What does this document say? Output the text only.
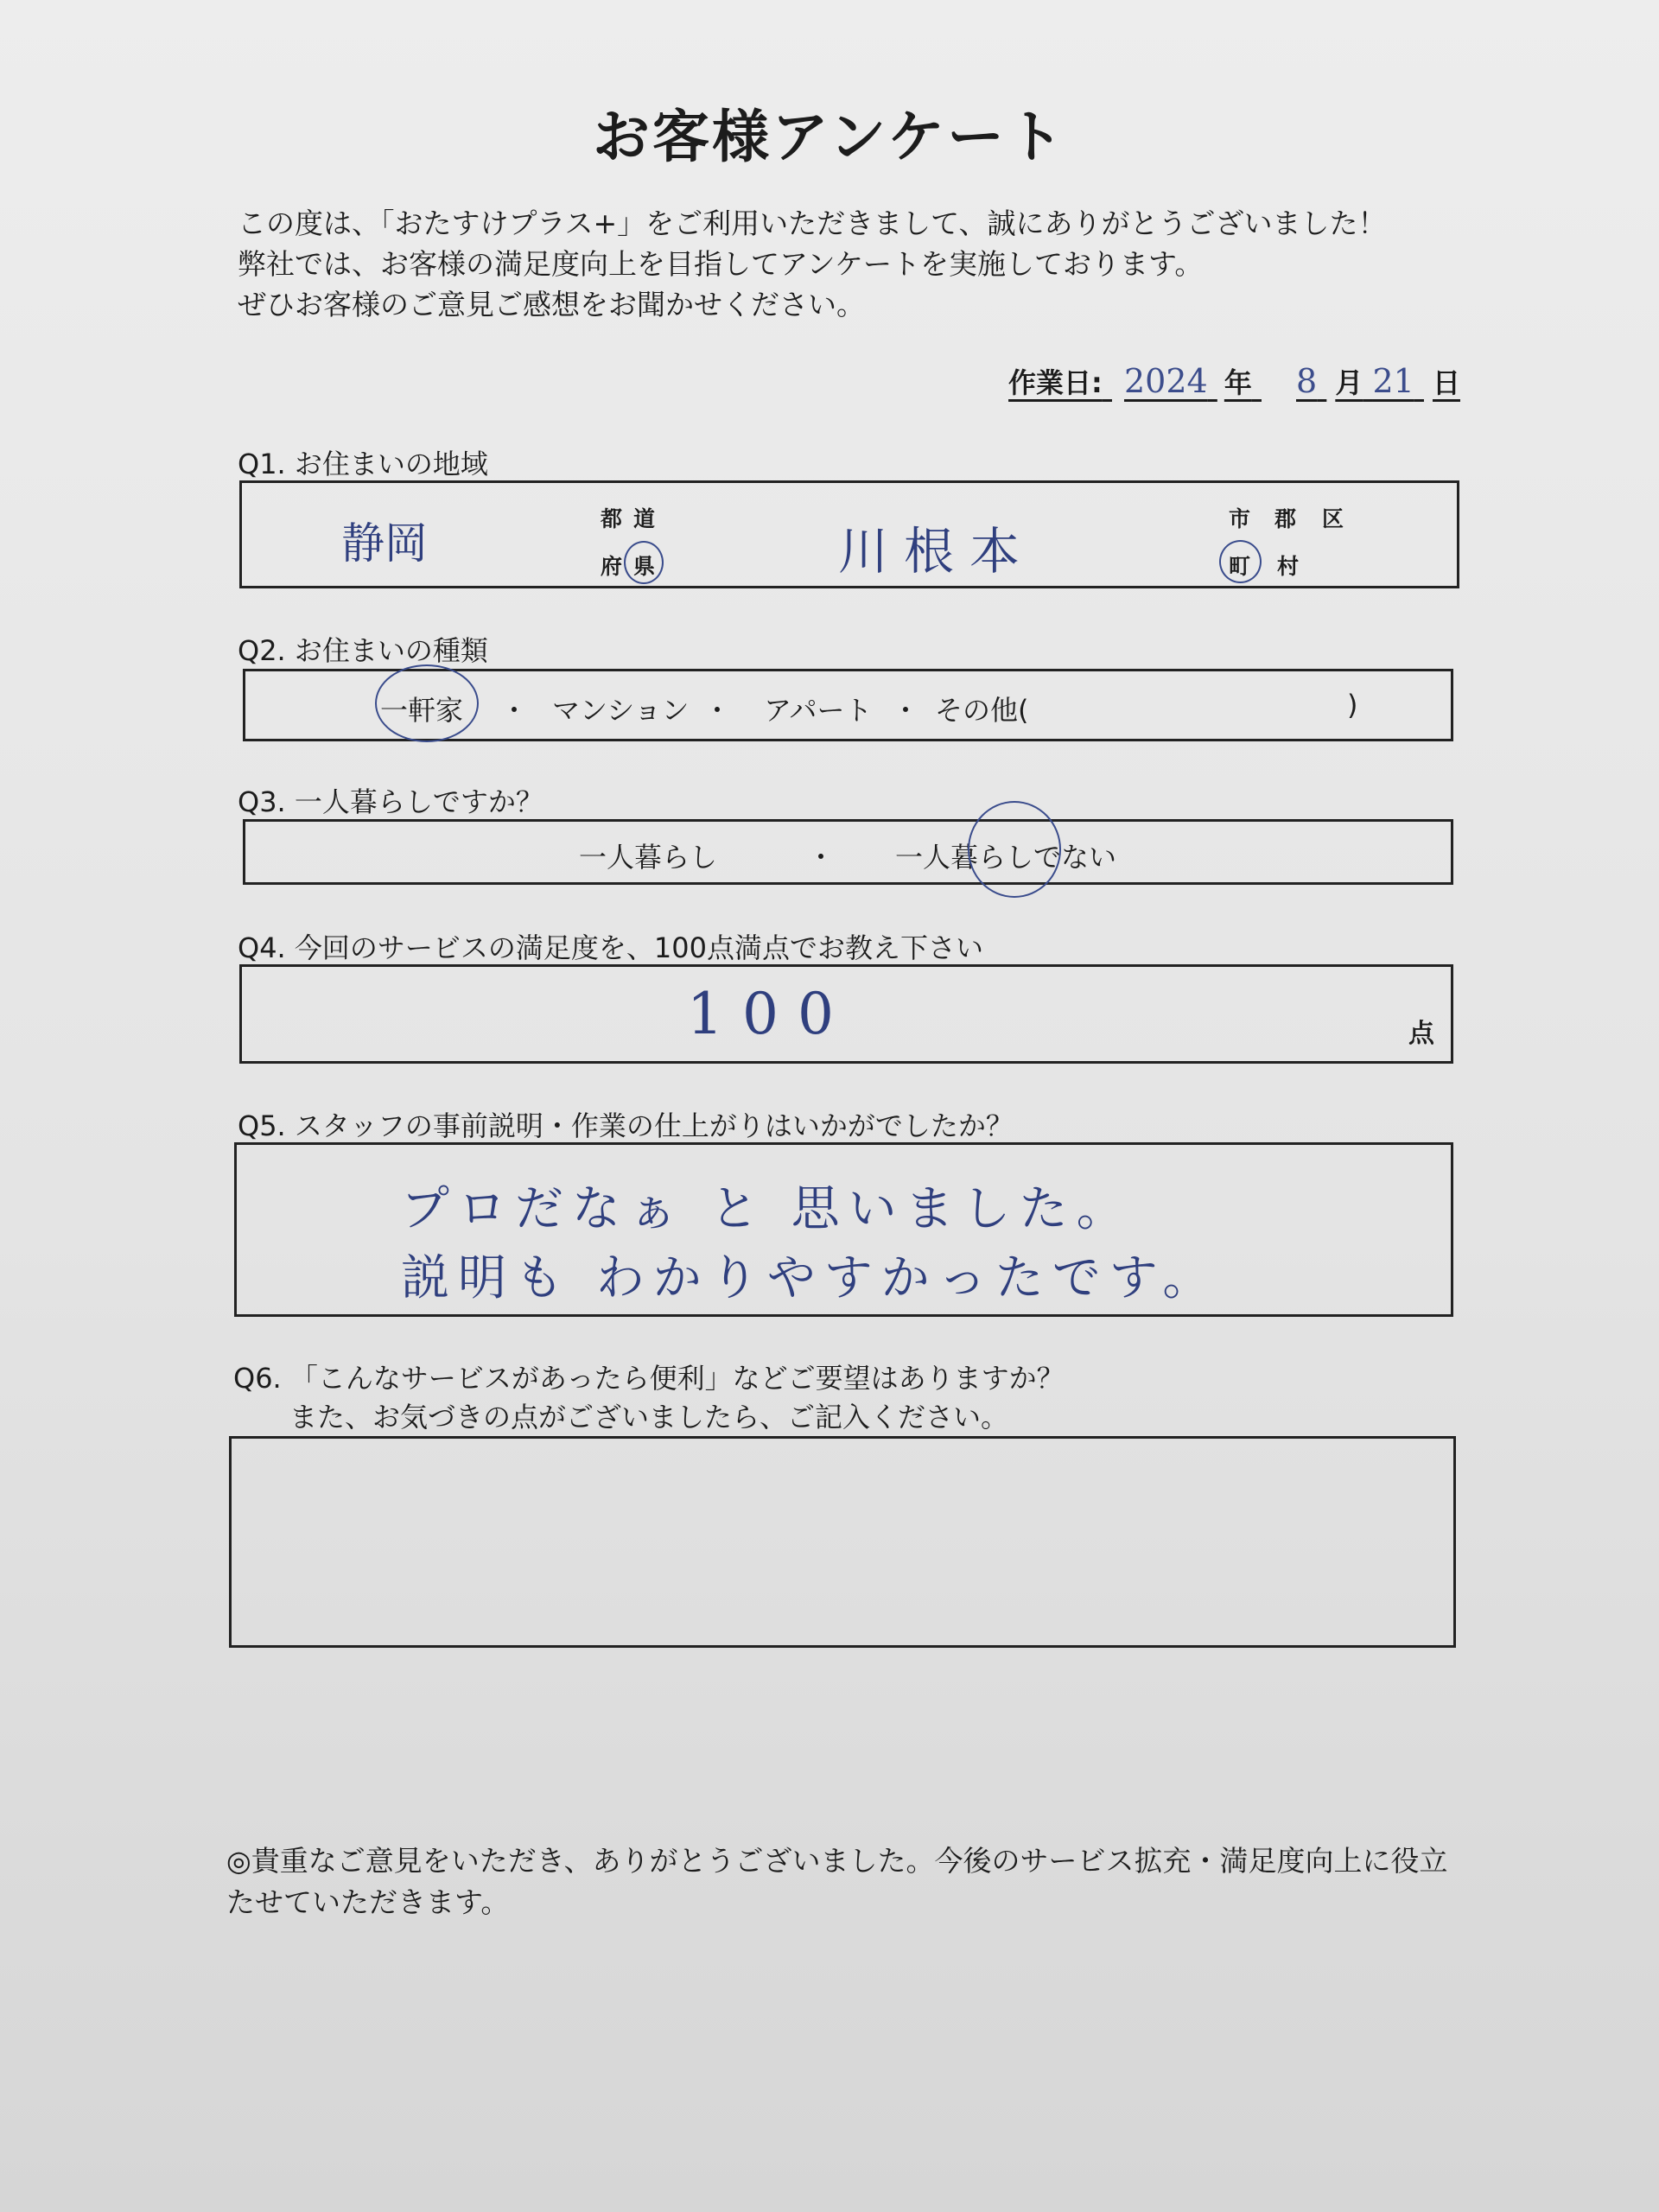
お客様アンケート
この度は、「おたすけプラス+」をご利用いただきまして、誠にありがとうございました！
弊社では、お客様の満足度向上を目指してアンケートを実施しております。
ぜひお客様のご意見ご感想をお聞かせください。
作業日: 2024 年 8 月 21 日
Q1. お住まいの地域
静岡	都 道
府 県	川根本
市 郡 区
町 村
Q2. お住まいの種類
一軒家 ・ マンション ・ アパート ・ その他(	)
Q3. 一人暮らしですか？
一人暮らし	・ 一人暮らしでない
Q4. 今回のサービスの満足度を、100点満点でお教え下さい
100	点
Q5. スタッフの事前説明・作業の仕上がりはいかがでしたか？
プロだなぁ と 思いました。
説明も わかりやすかったです。
Q6. 「こんなサービスがあったら便利」などご要望はありますか？
また、お気づきの点がございましたら、ご記入ください。
◎貴重なご意見をいただき、ありがとうございました。今後のサービス拡充・満足度向上に役立たせていただきます。
